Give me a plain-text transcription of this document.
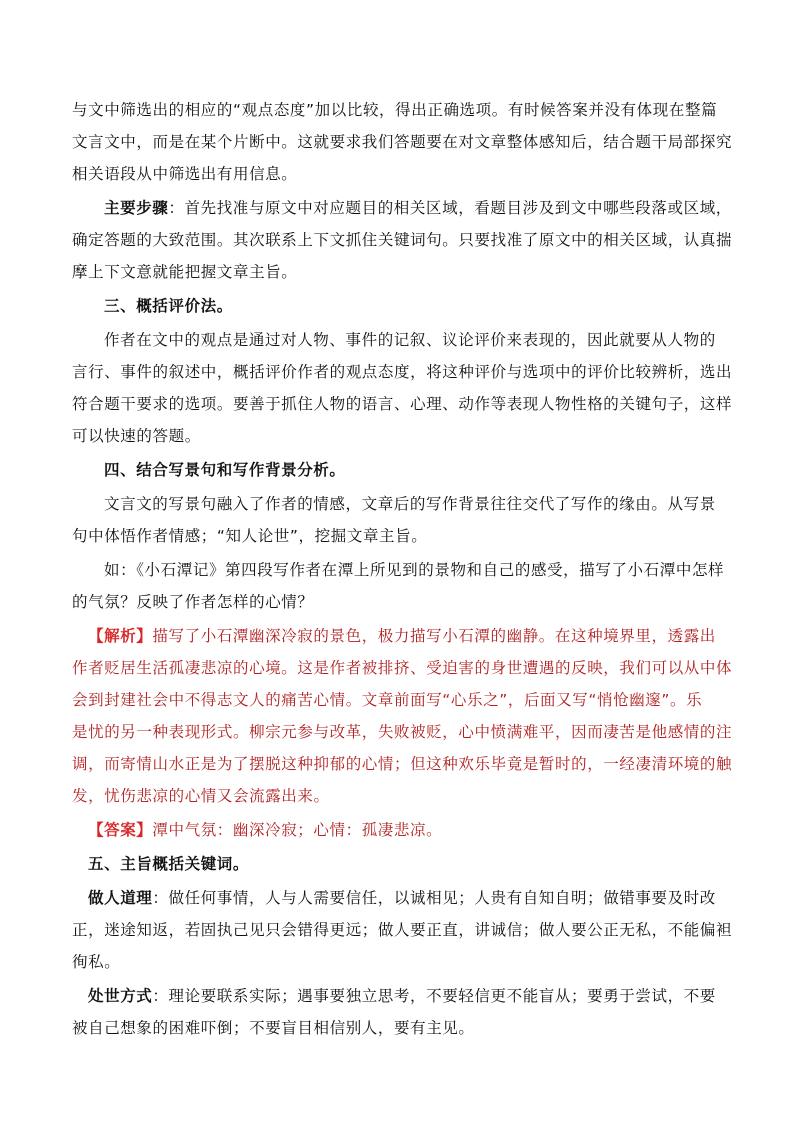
与文中筛选出的相应的“观点态度”加以比较，得出正确选项。有时候答案并没有体现在整篇
文言文中，而是在某个片断中。这就要求我们答题要在对文章整体感知后，结合题干局部探究
相关语段从中筛选出有用信息。
主要步骤：首先找准与原文中对应题目的相关区域，看题目涉及到文中哪些段落或区域，
确定答题的大致范围。其次联系上下文抓住关键词句。只要找准了原文中的相关区域，认真揣
摩上下文意就能把握文章主旨。
三、概括评价法。
作者在文中的观点是通过对人物、事件的记叙、议论评价来表现的，因此就要从人物的
言行、事件的叙述中，概括评价作者的观点态度，将这种评价与选项中的评价比较辨析，选出
符合题干要求的选项。要善于抓住人物的语言、心理、动作等表现人物性格的关键句子，这样
可以快速的答题。
四、结合写景句和写作背景分析。
文言文的写景句融入了作者的情感，文章后的写作背景往往交代了写作的缘由。从写景
句中体悟作者情感；“知人论世”，挖掘文章主旨。
如：《小石潭记》第四段写作者在潭上所见到的景物和自己的感受，描写了小石潭中怎样
的气氛？反映了作者怎样的心情？
【解析】描写了小石潭幽深冷寂的景色，极力描写小石潭的幽静。在这种境界里，透露出
作者贬居生活孤凄悲凉的心境。这是作者被排挤、受迫害的身世遭遇的反映，我们可以从中体
会到封建社会中不得志文人的痛苦心情。文章前面写“心乐之”，后面又写“悄怆幽邃”。乐
是忧的另一种表现形式。柳宗元参与改革，失败被贬，心中愤满难平，因而凄苦是他感情的注
调，而寄情山水正是为了摆脱这种抑郁的心情；但这种欢乐毕竟是暂时的，一经凄清环境的触
发，忧伤悲凉的心情又会流露出来。
【答案】潭中气氛：幽深冷寂；心情：孤凄悲凉。
五、主旨概括关键词。
做人道理：做任何事情，人与人需要信任，以诚相见；人贵有自知自明；做错事要及时改
正，迷途知返，若固执己见只会错得更远；做人要正直，讲诚信；做人要公正无私，不能偏袒
徇私。
处世方式：理论要联系实际；遇事要独立思考，不要轻信更不能盲从；要勇于尝试，不要
被自己想象的困难吓倒；不要盲目相信别人，要有主见。
